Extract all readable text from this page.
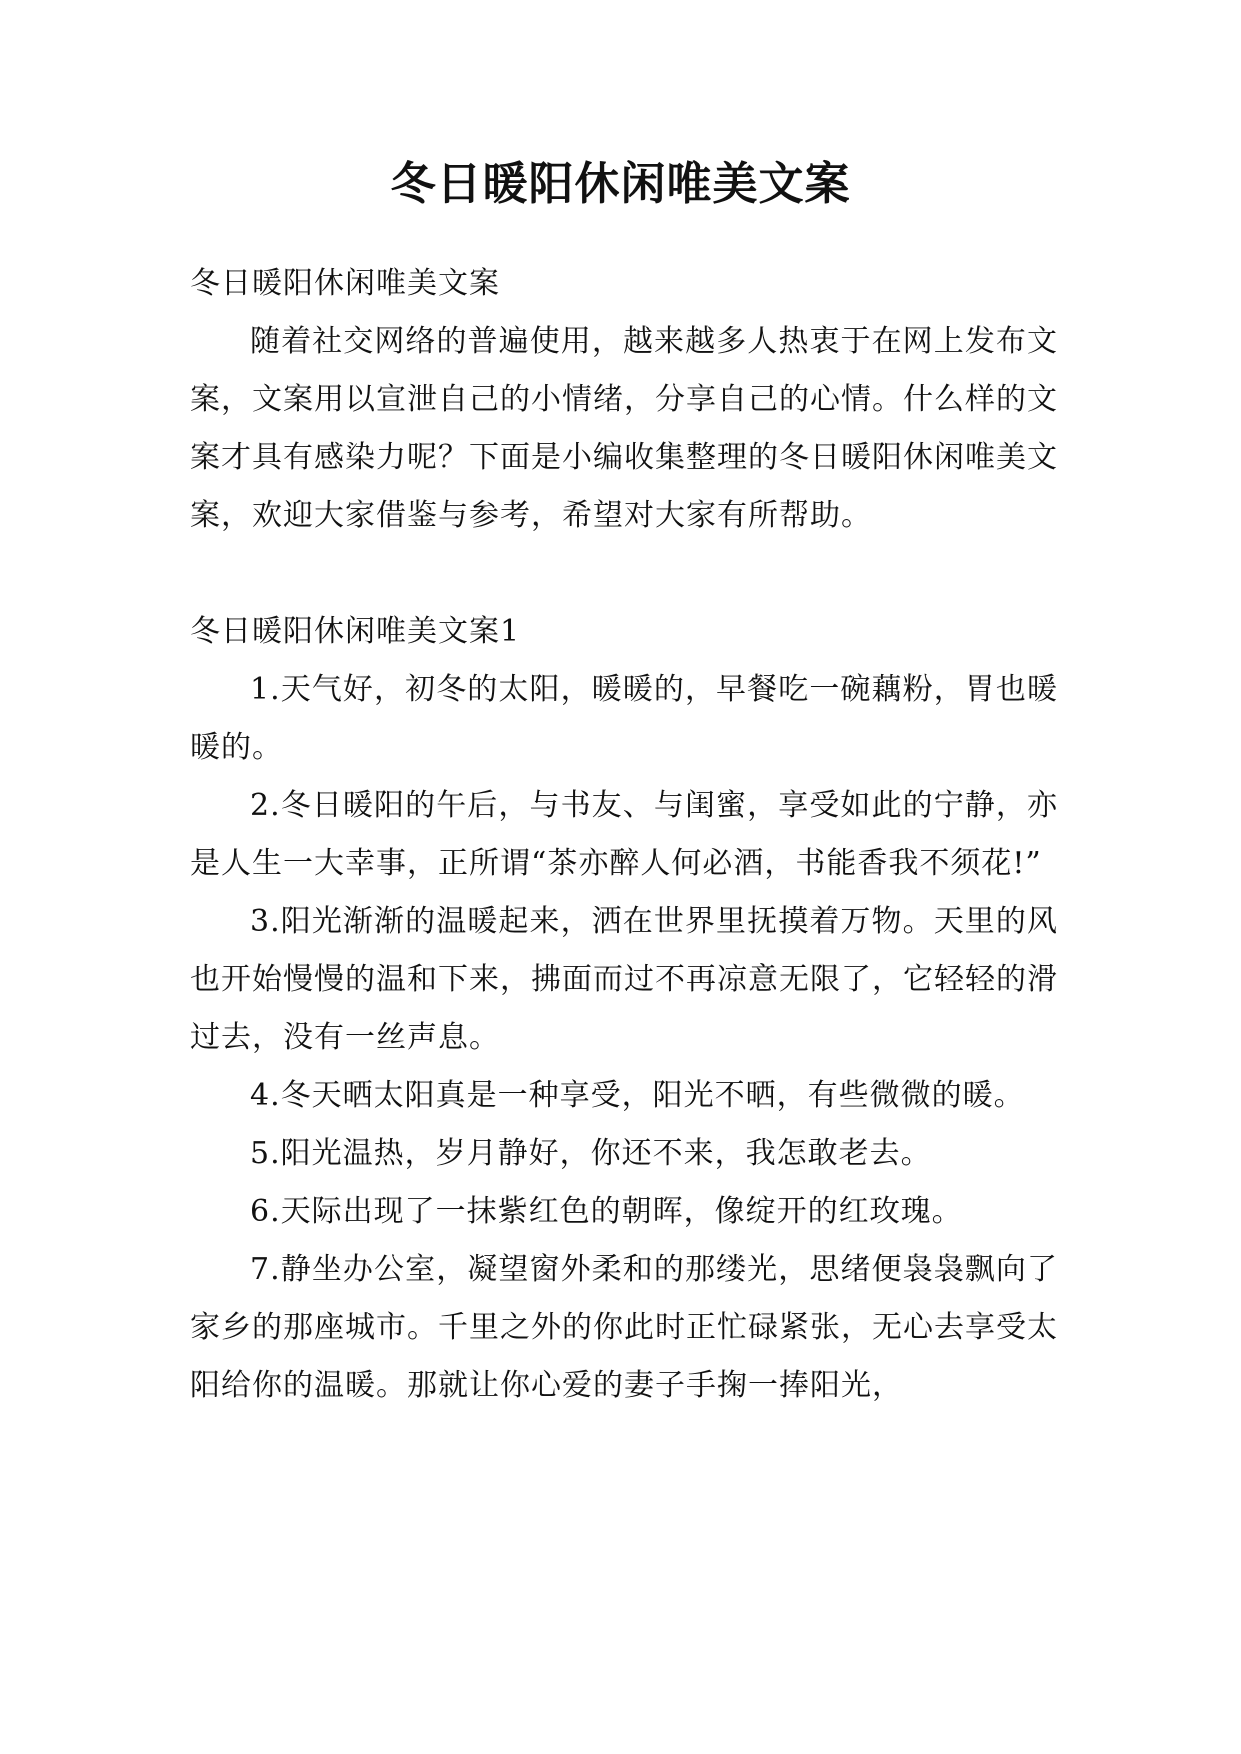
冬日暖阳休闲唯美文案

冬日暖阳休闲唯美文案

随着社交网络的普遍使用，越来越多人热衷于在网上发布文案，文案用以宣泄自己的小情绪，分享自己的心情。什么样的文案才具有感染力呢？下面是小编收集整理的冬日暖阳休闲唯美文案，欢迎大家借鉴与参考，希望对大家有所帮助。

冬日暖阳休闲唯美文案1

1.天气好，初冬的太阳，暖暖的，早餐吃一碗藕粉，胃也暖暖的。

2.冬日暖阳的午后，与书友、与闺蜜，享受如此的宁静，亦是人生一大幸事，正所谓“茶亦醉人何必酒，书能香我不须花!”

3.阳光渐渐的温暖起来，洒在世界里抚摸着万物。天里的风也开始慢慢的温和下来，拂面而过不再凉意无限了，它轻轻的滑过去，没有一丝声息。

4.冬天晒太阳真是一种享受，阳光不晒，有些微微的暖。

5.阳光温热，岁月静好，你还不来，我怎敢老去。

6.天际出现了一抹紫红色的朝晖，像绽开的红玫瑰。

7.静坐办公室，凝望窗外柔和的那缕光，思绪便袅袅飘向了家乡的那座城市。千里之外的你此时正忙碌紧张，无心去享受太阳给你的温暖。那就让你心爱的妻子手掬一捧阳光，
